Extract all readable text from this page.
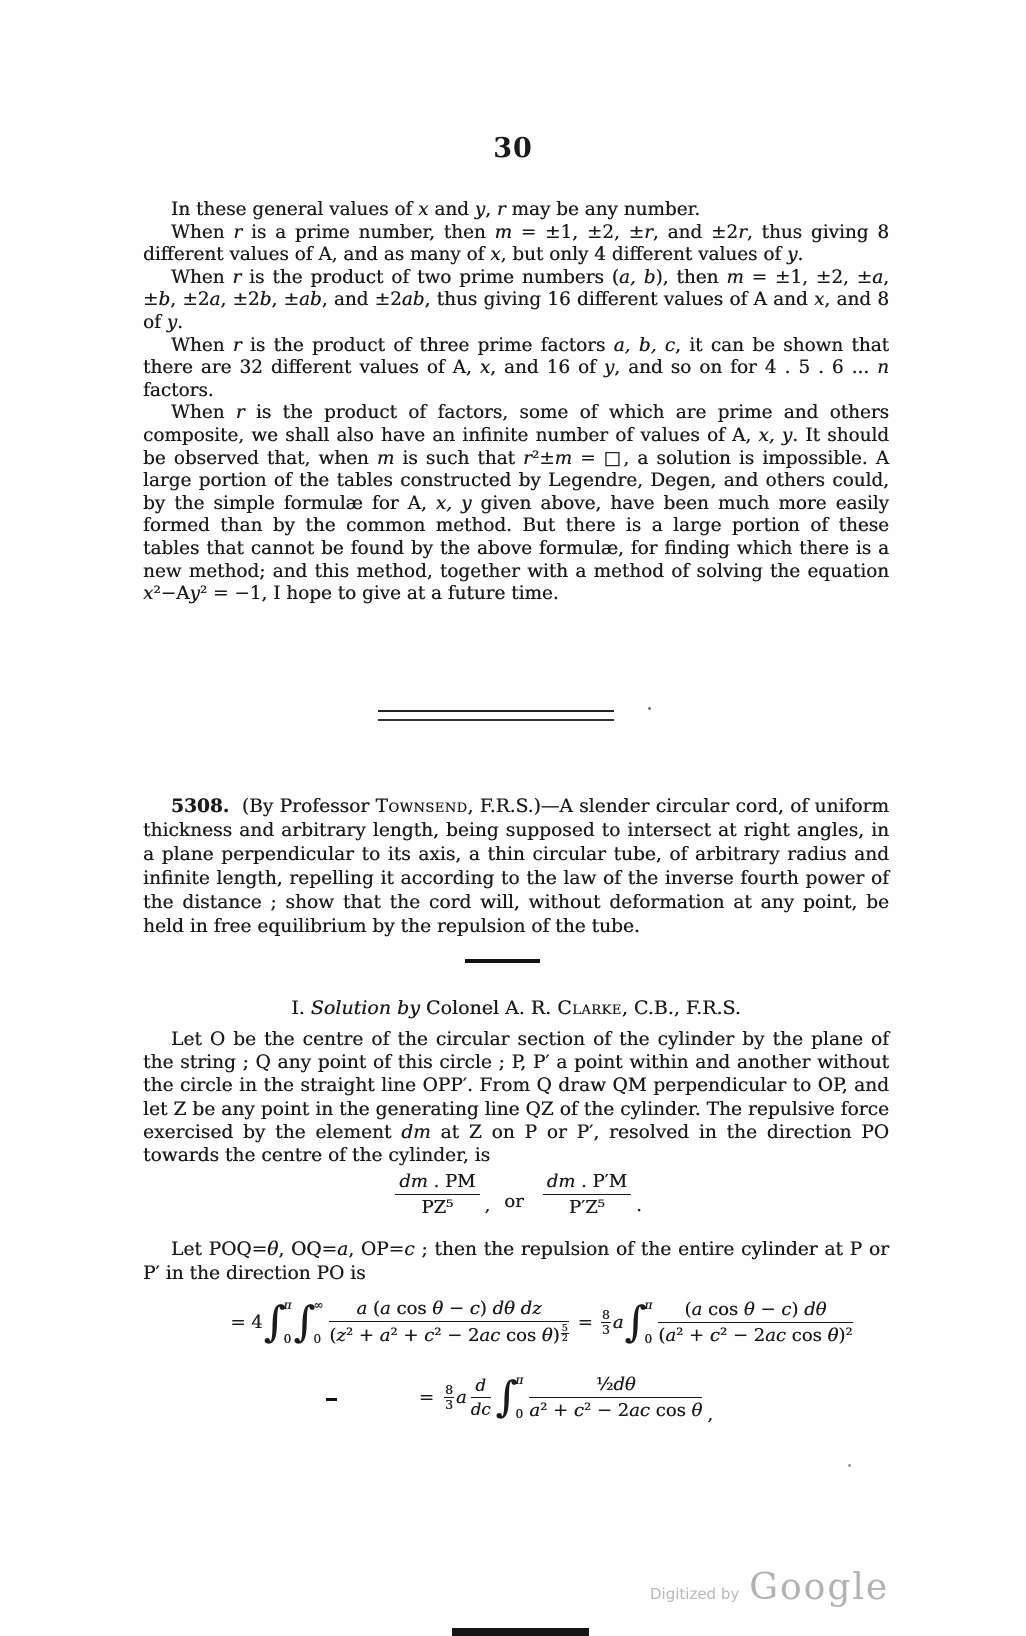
30

In these general values of x and y, r may be any number.

When r is a prime number, then m = ±1, ±2, ±r, and ±2r, thus giving 8 different values of A, and as many of x, but only 4 different values of y.

When r is the product of two prime numbers (a, b), then m = ±1, ±2, ±a, ±b, ±2a, ±2b, ±ab, and ±2ab, thus giving 16 different values of A and x, and 8 of y.

When r is the product of three prime factors a, b, c, it can be shown that there are 32 different values of A, x, and 16 of y, and so on for 4 . 5 . 6 ... n factors.

When r is the product of factors, some of which are prime and others composite, we shall also have an infinite number of values of A, x, y. It should be observed that, when m is such that r²±m = □, a solution is impossible. A large portion of the tables constructed by Legendre, Degen, and others could, by the simple formulæ for A, x, y given above, have been much more easily formed than by the common method. But there is a large portion of these tables that cannot be found by the above formulæ, for finding which there is a new method; and this method, together with a method of solving the equation x²−Ay² = −1, I hope to give at a future time.

5308.  (By Professor Townsend, F.R.S.)—A slender circular cord, of uniform thickness and arbitrary length, being supposed to intersect at right angles, in a plane perpendicular to its axis, a thin circular tube, of arbitrary radius and infinite length, repelling it according to the law of the inverse fourth power of the distance ; show that the cord will, without deformation at any point, be held in free equilibrium by the repulsion of the tube.

I. Solution by Colonel A. R. Clarke, C.B., F.R.S.

Let O be the centre of the circular section of the cylinder by the plane of the string ; Q any point of this circle ; P, P′ a point within and another without the circle in the straight line OPP′. From Q draw QM perpendicular to OP, and let Z be any point in the generating line QZ of the cylinder. The repulsive force exercised by the element dm at Z on P or P′, resolved in the direction PO towards the centre of the cylinder, is

$\frac{dm . PM}{\text{PZ⁵}}$ , or $\frac{dm . P'M}{\text{P′Z⁵}}$ .

Let POQ=θ, OQ=a, OP=c ; then the repulsion of the entire cylinder at P or P′ in the direction PO is

= 4 ∫
π
0 ∫
∞
$0 \frac{\text{a (a cos θ − c) dθ dz}}{(z^2 + a^2 + c^2 - 2ac \cos \theta) \frac{5}{2}} = \frac{8}{3}$ a ∫
π
$0 \frac{\text{(a cos θ − c) dθ}}{\text{(a² + c² − 2ac cos θ)²}}$
= $\frac{8}{3}$ a $\frac{d}{dc}$ ∫
π
$0 \frac{\text{½dθ}}{\text{a² + c² − 2ac cos θ}}$ ,
Digitized by Google
